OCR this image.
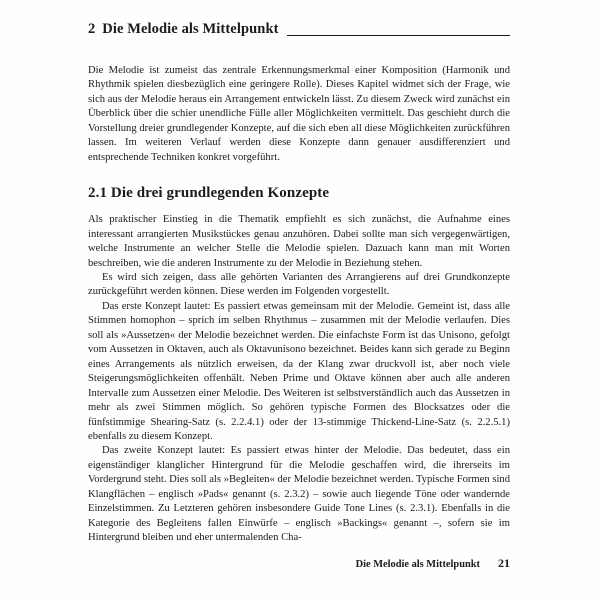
2 Die Melodie als Mittelpunkt

Die Melodie ist zumeist das zentrale Erkennungsmerkmal einer Komposition (Harmonik und Rhythmik spielen diesbezüglich eine geringere Rolle). Dieses Kapitel widmet sich der Frage, wie sich aus der Melodie heraus ein Arrangement entwickeln lässt. Zu diesem Zweck wird zunächst ein Überblick über die schier unendliche Fülle aller Möglichkeiten vermittelt. Das geschieht durch die Vorstellung dreier grundlegender Konzepte, auf die sich eben all diese Möglichkeiten zurückführen lassen. Im weiteren Verlauf werden diese Konzepte dann genauer ausdifferenziert und entsprechende Techniken konkret vorgeführt.

2.1 Die drei grundlegenden Konzepte

Als praktischer Einstieg in die Thematik empfiehlt es sich zunächst, die Aufnahme eines interessant arrangierten Musikstückes genau anzuhören. Dabei sollte man sich vergegenwärtigen, welche Instrumente an welcher Stelle die Melodie spielen. Dazuach kann man mit Worten beschreiben, wie die anderen Instrumente zu der Melodie in Beziehung stehen.

Es wird sich zeigen, dass alle gehörten Varianten des Arrangierens auf drei Grundkonzepte zurückgeführt werden können. Diese werden im Folgenden vorgestellt.

Das erste Konzept lautet: Es passiert etwas gemeinsam mit der Melodie. Gemeint ist, dass alle Stimmen homophon – sprich im selben Rhythmus – zusammen mit der Melodie verlaufen. Dies soll als »Aussetzen« der Melodie bezeichnet werden. Die einfachste Form ist das Unisono, gefolgt vom Aussetzen in Oktaven, auch als Oktavunisono bezeichnet. Beides kann sich gerade zu Beginn eines Arrangements als nützlich erweisen, da der Klang zwar druckvoll ist, aber noch viele Steigerungsmöglichkeiten offenhält. Neben Prime und Oktave können aber auch alle anderen Intervalle zum Aussetzen einer Melodie. Des Weiteren ist selbstverständlich auch das Aussetzen in mehr als zwei Stimmen möglich. So gehören typische Formen des Blocksatzes oder die fünfstimmige Shearing-Satz (s. 2.2.4.1) oder der 13-stimmige Thickend-Line-Satz (s. 2.2.5.1) ebenfalls zu diesem Konzept.

Das zweite Konzept lautet: Es passiert etwas hinter der Melodie. Das bedeutet, dass ein eigenständiger klanglicher Hintergrund für die Melodie geschaffen wird, die ihrerseits im Vordergrund steht. Dies soll als »Begleiten« der Melodie bezeichnet werden. Typische Formen sind Klangflächen – englisch »Pads« genannt (s. 2.3.2) – sowie auch liegende Töne oder wandernde Einzelstimmen. Zu Letzteren gehören insbesondere Guide Tone Lines (s. 2.3.1). Ebenfalls in die Kategorie des Begleitens fallen Einwürfe – englisch »Backings« genannt –, sofern sie im Hintergrund bleiben und eher untermalenden Cha-

Die Melodie als Mittelpunkt 21
